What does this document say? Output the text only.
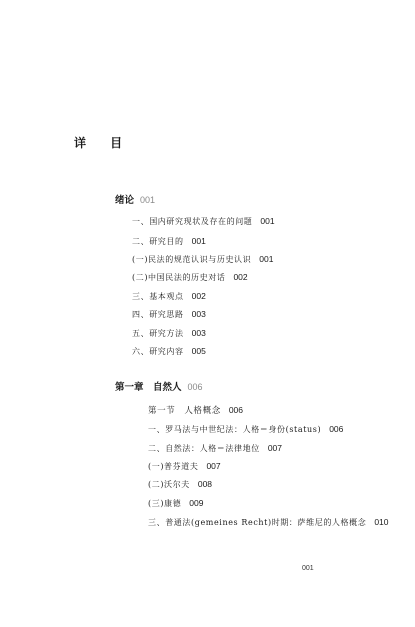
详 目
绪论 001
一、国内研究现状及存在的问题 001
二、研究目的 001
(一)民法的规范认识与历史认识 001
(二)中国民法的历史对话 002
三、基本观点 002
四、研究思路 003
五、研究方法 003
六、研究内容 005
第一章　自然人 006
第一节　人格概念 006
一、罗马法与中世纪法：人格＝身份(status) 006
二、自然法：人格＝法律地位 007
(一)普芬道夫 007
(二)沃尔夫 008
(三)康德 009
三、普通法(gemeines Recht)时期：萨维尼的人格概念 010
001
